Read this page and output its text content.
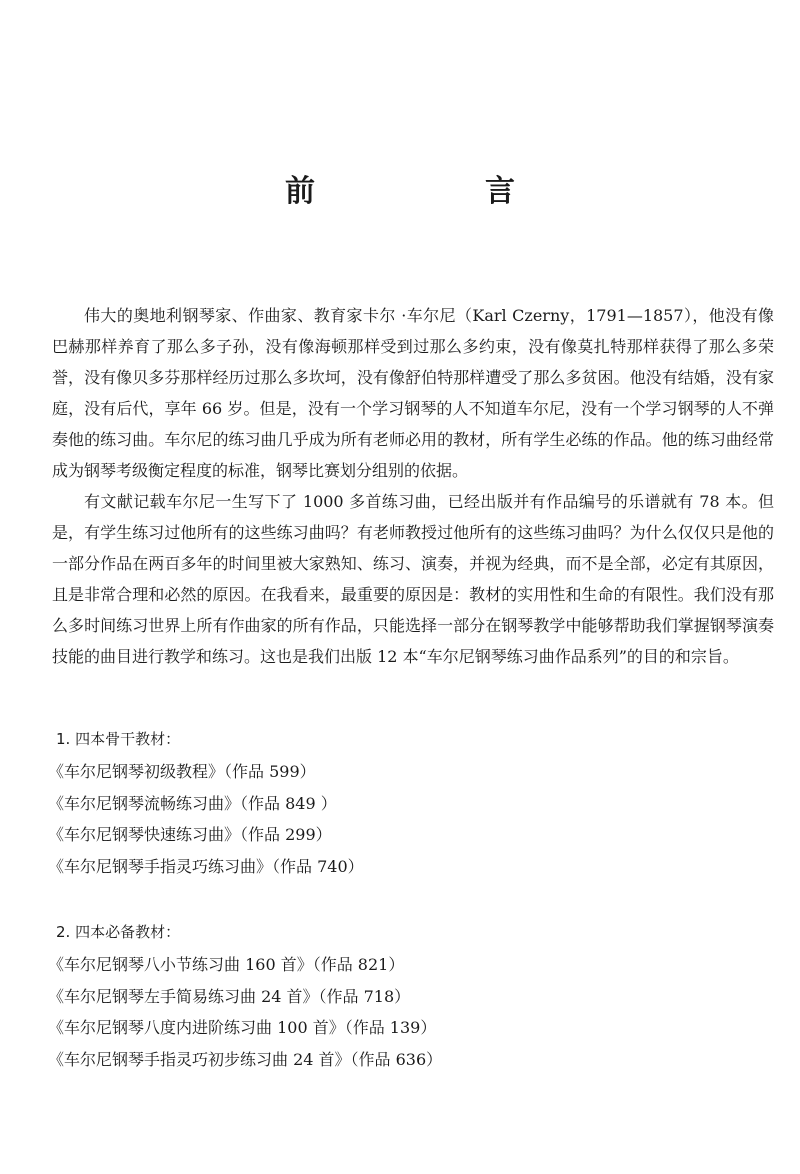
前　言

伟大的奥地利钢琴家、作曲家、教育家卡尔 ·车尔尼（Karl Czerny，1791—1857），他没有像巴赫那样养育了那么多子孙，没有像海顿那样受到过那么多约束，没有像莫扎特那样获得了那么多荣誉，没有像贝多芬那样经历过那么多坎坷，没有像舒伯特那样遭受了那么多贫困。他没有结婚，没有家庭，没有后代，享年 66 岁。但是，没有一个学习钢琴的人不知道车尔尼，没有一个学习钢琴的人不弹奏他的练习曲。车尔尼的练习曲几乎成为所有老师必用的教材，所有学生必练的作品。他的练习曲经常成为钢琴考级衡定程度的标准，钢琴比赛划分组别的依据。

有文献记载车尔尼一生写下了 1000 多首练习曲，已经出版并有作品编号的乐谱就有 78 本。但是，有学生练习过他所有的这些练习曲吗？有老师教授过他所有的这些练习曲吗？为什么仅仅只是他的一部分作品在两百多年的时间里被大家熟知、练习、演奏，并视为经典，而不是全部，必定有其原因，且是非常合理和必然的原因。在我看来，最重要的原因是：教材的实用性和生命的有限性。我们没有那么多时间练习世界上所有作曲家的所有作品，只能选择一部分在钢琴教学中能够帮助我们掌握钢琴演奏技能的曲目进行教学和练习。这也是我们出版 12 本“车尔尼钢琴练习曲作品系列”的目的和宗旨。

1. 四本骨干教材：
《车尔尼钢琴初级教程》（作品 599）
《车尔尼钢琴流畅练习曲》（作品 849 ）
《车尔尼钢琴快速练习曲》（作品 299）
《车尔尼钢琴手指灵巧练习曲》（作品 740）
2. 四本必备教材：
《车尔尼钢琴八小节练习曲 160 首》（作品 821）
《车尔尼钢琴左手简易练习曲 24 首》（作品 718）
《车尔尼钢琴八度内进阶练习曲 100 首》（作品 139）
《车尔尼钢琴手指灵巧初步练习曲 24 首》（作品 636）
